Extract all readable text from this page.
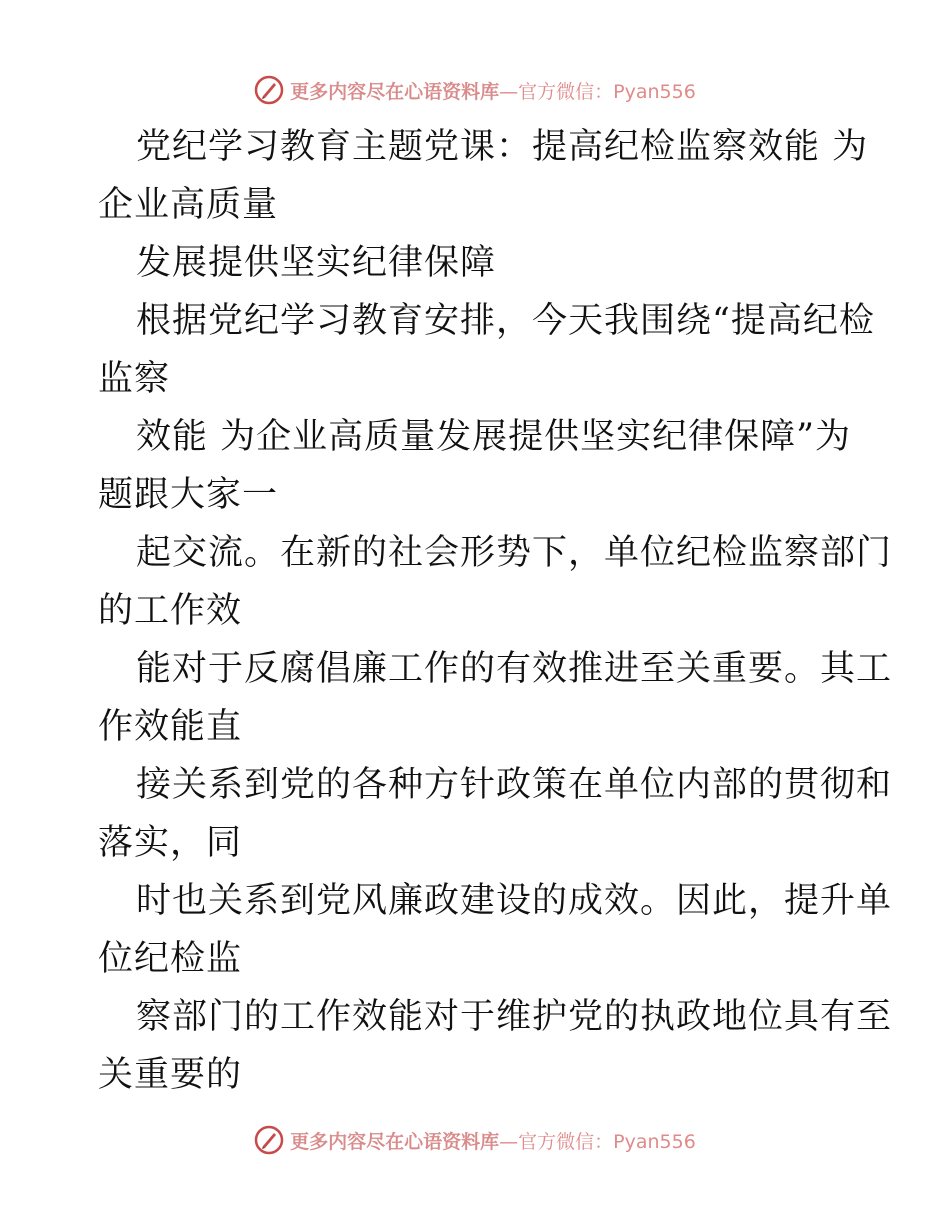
更多内容尽在心语资料库 —官方微信：Pyan556
党纪学习教育主题党课：提高纪检监察效能 为
企业高质量
发展提供坚实纪律保障
根据党纪学习教育安排，今天我围绕“提高纪检
监察
效能 为企业高质量发展提供坚实纪律保障”为
题跟大家一
起交流。在新的社会形势下，单位纪检监察部门
的工作效
能对于反腐倡廉工作的有效推进至关重要。其工
作效能直
接关系到党的各种方针政策在单位内部的贯彻和
落实，同
时也关系到党风廉政建设的成效。因此，提升单
位纪检监
察部门的工作效能对于维护党的执政地位具有至
关重要的
更多内容尽在心语资料库 —官方微信：Pyan556
